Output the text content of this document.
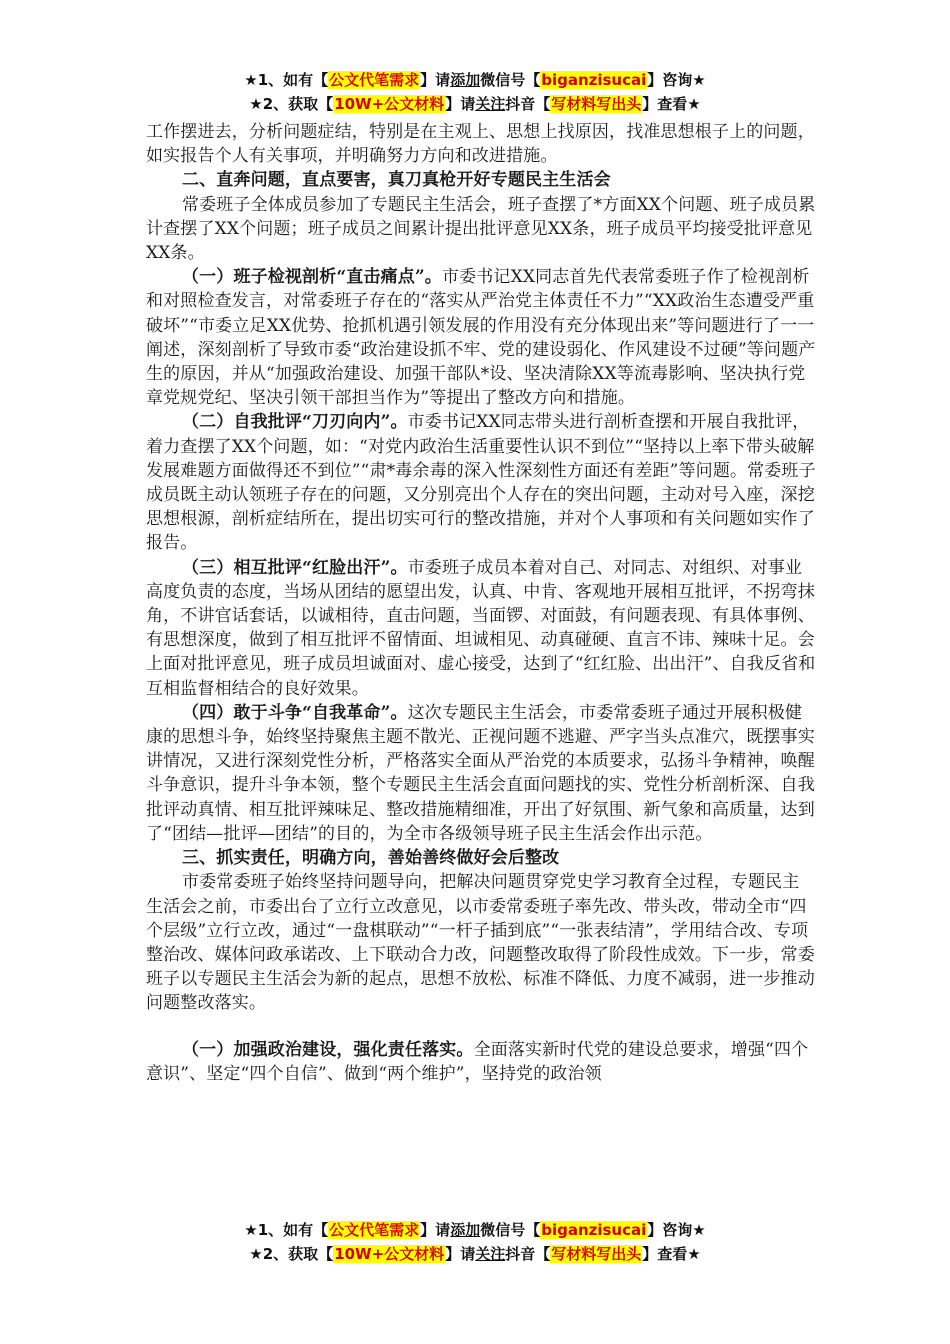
★1、如有【公文代笔需求】请添加微信号【biganzisucai】咨询★
★2、获取【10W+公文材料】请关注抖音【写材料写出头】查看★

工作摆进去，分析问题症结，特别是在主观上、思想上找原因，找准思想根子上的问题，如实报告个人有关事项，并明确努力方向和改进措施。

二、直奔问题，直点要害，真刀真枪开好专题民主生活会

常委班子全体成员参加了专题民主生活会，班子查摆了*方面XX个问题、班子成员累计查摆了XX个问题；班子成员之间累计提出批评意见XX条，班子成员平均接受批评意见XX条。

（一）班子检视剖析“直击痛点”。市委书记XX同志首先代表常委班子作了检视剖析和对照检查发言，对常委班子存在的“落实从严治党主体责任不力”“XX政治生态遭受严重破坏”“市委立足XX优势、抢抓机遇引领发展的作用没有充分体现出来”等问题进行了一一阐述，深刻剖析了导致市委“政治建设抓不牢、党的建设弱化、作风建设不过硬”等问题产生的原因，并从“加强政治建设、加强干部队*设、坚决清除XX等流毒影响、坚决执行党章党规党纪、坚决引领干部担当作为”等提出了整改方向和措施。

（二）自我批评“刀刃向内”。市委书记XX同志带头进行剖析查摆和开展自我批评，着力查摆了XX个问题，如：“对党内政治生活重要性认识不到位”“坚持以上率下带头破解发展难题方面做得还不到位”“肃*毒余毒的深入性深刻性方面还有差距”等问题。常委班子成员既主动认领班子存在的问题，又分别亮出个人存在的突出问题，主动对号入座，深挖思想根源，剖析症结所在，提出切实可行的整改措施，并对个人事项和有关问题如实作了报告。

（三）相互批评“红脸出汗”。市委班子成员本着对自己、对同志、对组织、对事业高度负责的态度，当场从团结的愿望出发，认真、中肯、客观地开展相互批评，不拐弯抹角，不讲官话套话，以诚相待，直击问题，当面锣、对面鼓，有问题表现、有具体事例、有思想深度，做到了相互批评不留情面、坦诚相见、动真碰硬、直言不讳、辣味十足。会上面对批评意见，班子成员坦诚面对、虚心接受，达到了“红红脸、出出汗”、自我反省和互相监督相结合的良好效果。

（四）敢于斗争“自我革命”。这次专题民主生活会，市委常委班子通过开展积极健康的思想斗争，始终坚持聚焦主题不散光、正视问题不逃避、严字当头点准穴，既摆事实讲情况，又进行深刻党性分析，严格落实全面从严治党的本质要求，弘扬斗争精神，唤醒斗争意识，提升斗争本领，整个专题民主生活会直面问题找的实、党性分析剖析深、自我批评动真情、相互批评辣味足、整改措施精细准，开出了好氛围、新气象和高质量，达到了“团结—批评—团结”的目的，为全市各级领导班子民主生活会作出示范。

三、抓实责任，明确方向，善始善终做好会后整改

市委常委班子始终坚持问题导向，把解决问题贯穿党史学习教育全过程，专题民主生活会之前，市委出台了立行立改意见，以市委常委班子率先改、带头改，带动全市“四个层级”立行立改，通过“一盘棋联动”“一杆子插到底”“一张表结清”，学用结合改、专项整治改、媒体问政承诺改、上下联动合力改，问题整改取得了阶段性成效。下一步，常委班子以专题民主生活会为新的起点，思想不放松、标准不降低、力度不减弱，进一步推动问题整改落实。

（一）加强政治建设，强化责任落实。全面落实新时代党的建设总要求，增强“四个意识”、坚定“四个自信”、做到“两个维护”，坚持党的政治领

★1、如有【公文代笔需求】请添加微信号【biganzisucai】咨询★
★2、获取【10W+公文材料】请关注抖音【写材料写出头】查看★
